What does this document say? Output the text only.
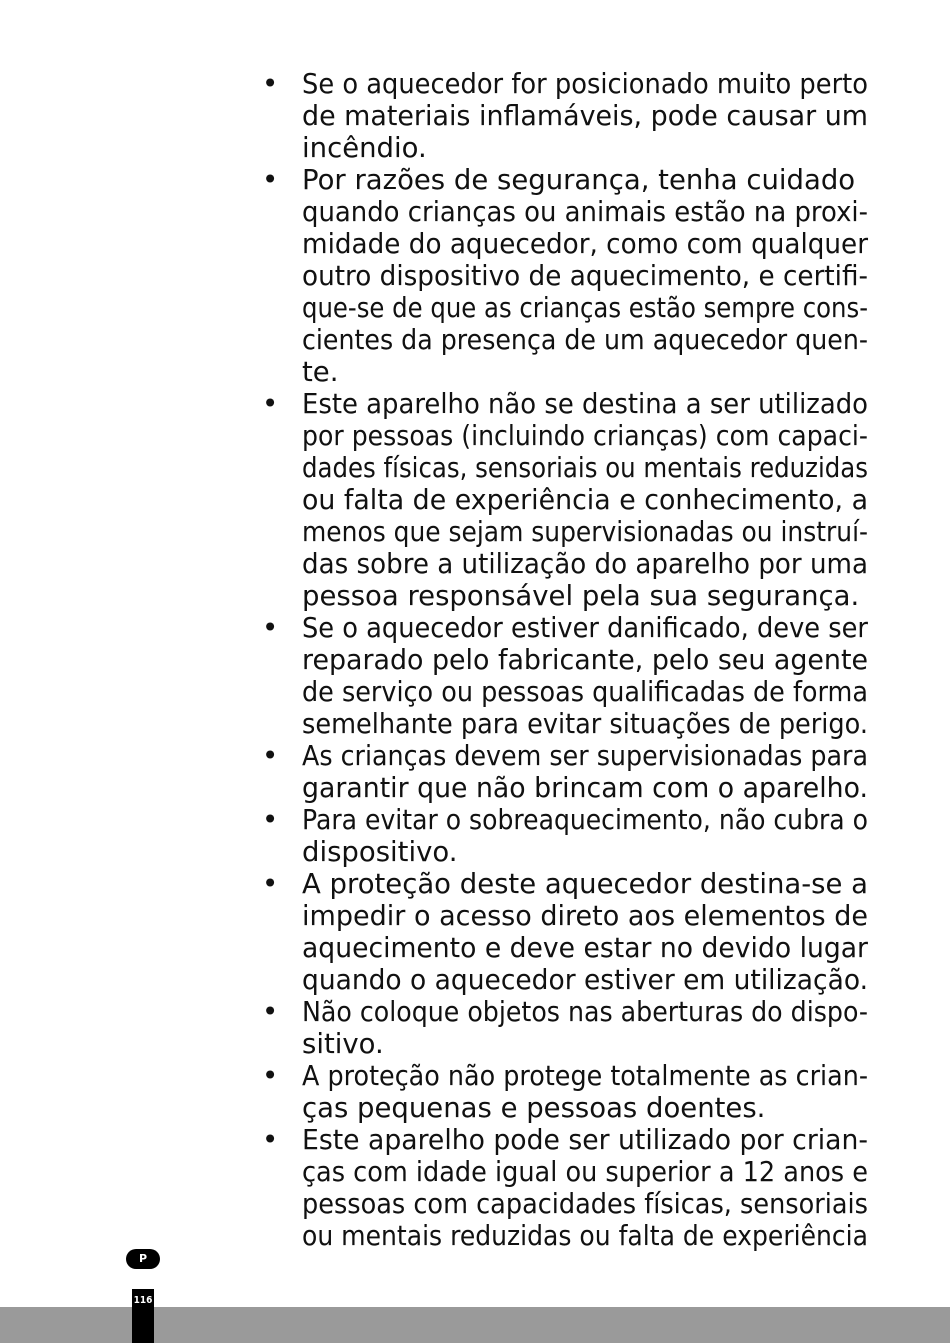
• Se o aquecedor for posicionado muito perto
de materiais inflamáveis, pode causar um
incêndio.
• Por razões de segurança, tenha cuidado
quando crianças ou animais estão na proxi-
midade do aquecedor, como com qualquer
outro dispositivo de aquecimento, e certifi-
que-se de que as crianças estão sempre cons-
cientes da presença de um aquecedor quen-
te.
• Este aparelho não se destina a ser utilizado
por pessoas (incluindo crianças) com capaci-
dades físicas, sensoriais ou mentais reduzidas
ou falta de experiência e conhecimento, a
menos que sejam supervisionadas ou instruí-
das sobre a utilização do aparelho por uma
pessoa responsável pela sua segurança.
• Se o aquecedor estiver danificado, deve ser
reparado pelo fabricante, pelo seu agente
de serviço ou pessoas qualificadas de forma
semelhante para evitar situações de perigo.
• As crianças devem ser supervisionadas para
garantir que não brincam com o aparelho.
• Para evitar o sobreaquecimento, não cubra o
dispositivo.
• A proteção deste aquecedor destina-se a
impedir o acesso direto aos elementos de
aquecimento e deve estar no devido lugar
quando o aquecedor estiver em utilização.
• Não coloque objetos nas aberturas do dispo-
sitivo.
• A proteção não protege totalmente as crian-
ças pequenas e pessoas doentes.
• Este aparelho pode ser utilizado por crian-
ças com idade igual ou superior a 12 anos e
pessoas com capacidades físicas, sensoriais
ou mentais reduzidas ou falta de experiência
P
116
